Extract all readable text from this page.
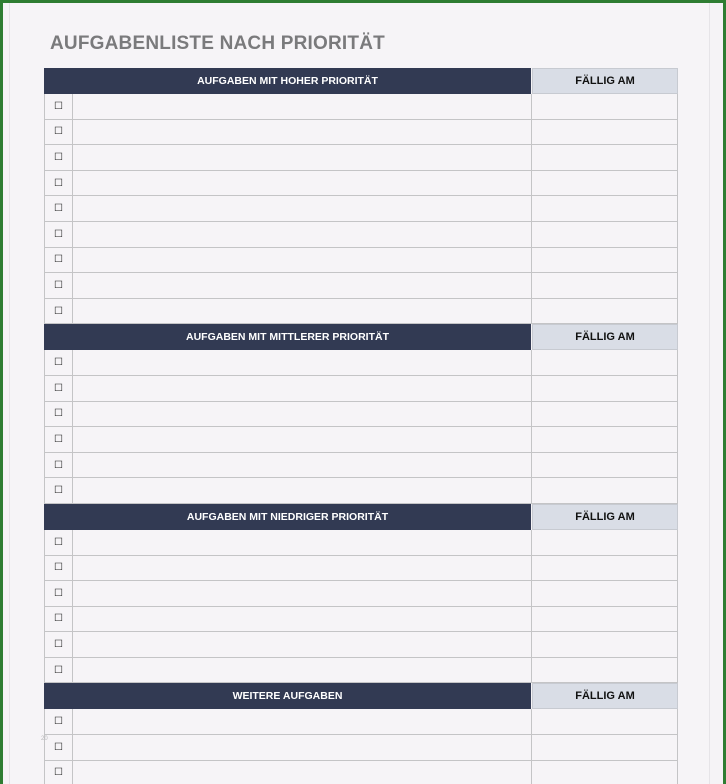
AUFGABENLISTE NACH PRIORITÄT
AUFGABEN MIT HOHER PRIORITÄT	FÄLLIG AM
☐
☐
☐
☐
☐
☐
☐
☐
☐
AUFGABEN MIT MITTLERER PRIORITÄT	FÄLLIG AM
☐
☐
☐
☐
☐
☐
AUFGABEN MIT NIEDRIGER PRIORITÄT	FÄLLIG AM
☐
☐
☐
☐
☐
☐
WEITERE AUFGABEN	FÄLLIG AM
☐
☐
☐
20
